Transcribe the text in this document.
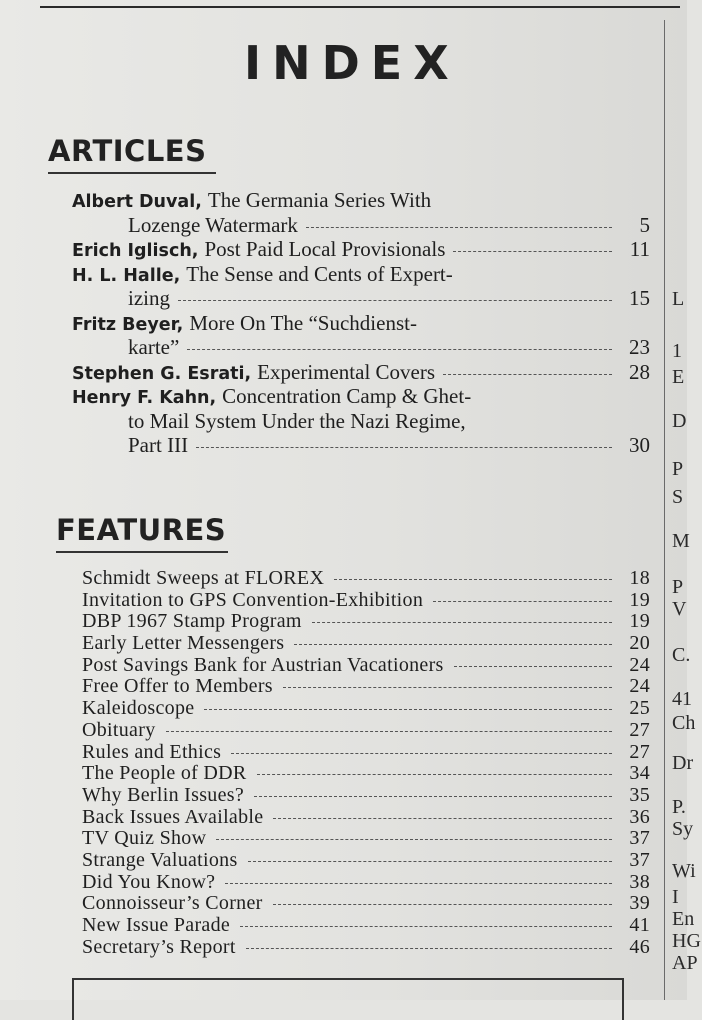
INDEX
ARTICLES
Albert Duval, The Germania Series With
Lozenge Watermark	5
Erich Iglisch, Post Paid Local Provisionals	11
H. L. Halle, The Sense and Cents of Expert-
izing	15
Fritz Beyer, More On The “Suchdienst-
karte”	23
Stephen G. Esrati, Experimental Covers	28
Henry F. Kahn, Concentration Camp & Ghet-
to Mail System Under the Nazi Regime,
Part III	30
FEATURES
Schmidt Sweeps at FLOREX	18
Invitation to GPS Convention-Exhibition	19
DBP 1967 Stamp Program	19
Early Letter Messengers	20
Post Savings Bank for Austrian Vacationers	24
Free Offer to Members	24
Kaleidoscope	25
Obituary	27
Rules and Ethics	27
The People of DDR	34
Why Berlin Issues?	35
Back Issues Available	36
TV Quiz Show	37
Strange Valuations	37
Did You Know?	38
Connoisseur’s Corner	39
New Issue Parade	41
Secretary’s Report	46
L
1
E
D
P
S
M
P
V
C.
41
Ch
Dr
P.
Sy
Wi
I
En
HG
AP
